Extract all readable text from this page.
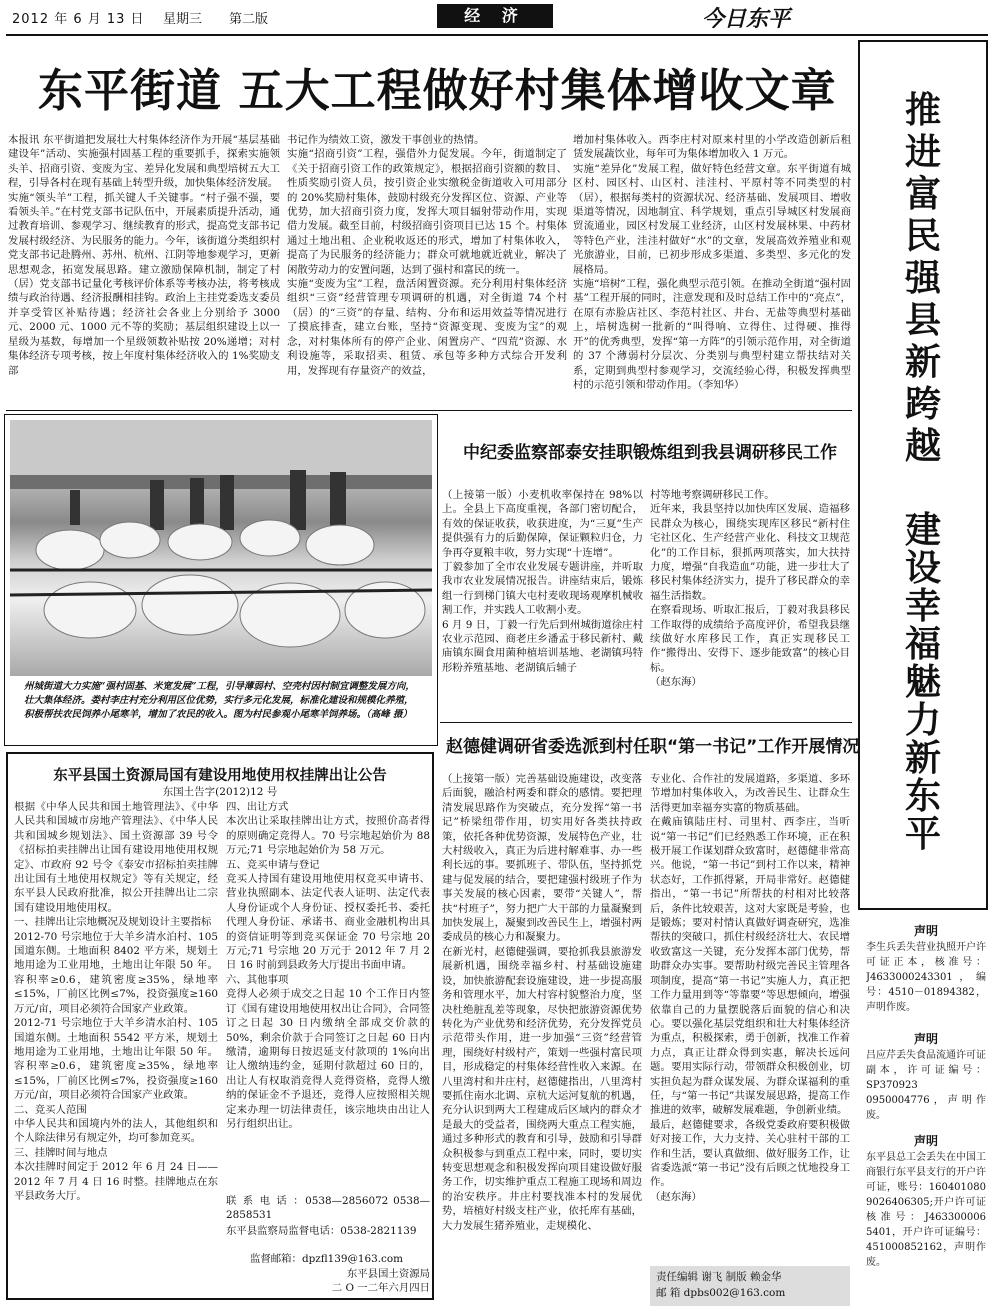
2012 年 6 月 13 日 星期三 第二版	经 济	今日东平
东平街道 五大工程做好村集体增收文章
本报讯 东平街道把发展壮大村集体经济作为开展“基层基础建设年”活动、实施强村固基工程的重要抓手，探索实施领头羊、招商引资、变废为宝、差异化发展和典型培树五大工程，引导各村在现有基础上转型升级，加快集体经济发展。
实施“领头羊”工程，抓关键人千关键事。“村子强不强，要看领头羊。”在村党支部书记队伍中，开展素质提升活动，通过教育培训、参观学习、继续教育的形式，提高党支部书记发展村级经济、为民服务的能力。今年，该街道分类组织村党支部书记赴腾州、苏州、杭州、江阴等地参观学习，更新思想观念，拓宽发展思路。建立激励保障机制，制定了村（居）党支部书记量化考核评价体系等考核办法，将考核成绩与政治待遇、经济报酬相挂钩。政治上主挂党委选支委员并享受管区补贴待遇；经济社会各业上分别给予 3000 元、2000 元、1000 元不等的奖励；基层组织建设上以一星级为基数，每增加一个星级领数补贴按 20%递增；对村集体经济专项考核，按上年度村集体经济收入的 1%奖励支部
书记作为绩效工资，激发干事创业的热情。
实施“招商引资”工程，强借外力促发展。今年，街道制定了《关于招商引资工作的政策规定》，根据招商引资额的数目、性质奖励引资人员，按引资企业实缴税金街道收入可用部分的 20%奖励村集体，鼓励村级充分发挥区位、资源、产业等优势，加大招商引资力度，发挥大项目辐射带动作用，实现借力发展。截至目前，村级招商引资项目已达 15 个。村集体通过土地出租、企业税收返还的形式，增加了村集体收入，提高了为民服务的经济能力；群众可就地就近就业，解决了闲散劳动力的安置问题，达到了强村和富民的统一。
实施“变废为宝”工程，盘活闲置资源。充分利用村集体经济组织“三资”经营管理专项调研的机遇，对全街道 74 个村（居）的“三资”的存量、结构、分布和运用效益等情况进行了摸底排查，建立台账，坚持“资源变现、变废为宝”的观念，对村集体所有的停产企业、闲置房产、“四荒”资源、水利设施等，采取招卖、租赁、承包等多种方式综合开发利用，发挥现有存量资产的效益，
增加村集体收入。西李庄村对原来村里的小学改造创新后租赁发展蔬饮业，每年可为集体增加收入 1 万元。
实施“差异化”发展工程，做好特色经营文章。东平街道有城区村、园区村、山区村、洼洼村、平原村等不同类型的村（居），根据每类村的资源状况、经济基础、发展项目、增收渠道等情况，因地制宜、科学规划，重点引导城区村发展商贸流通业，园区村发展工业经济，山区村发展林果、中药材等特色产业，洼洼村做好“水”的文章，发展高效养殖业和观光旅游业，目前，已初步形成多渠道、多类型、多元化的发展格局。
实施“培树”工程，强化典型示范引领。在推动全街道“强村固基”工程开展的同时，注意发现和及时总结工作中的“亮点”，在原有赤脸店社区、李范村社区、井台、无盐等典型村基础上，培树选树一批新的“叫得响、立得住、过得硬、推得开”的优秀典型，发挥“第一方阵”的引领示范作用，对全街道的 37 个薄弱村分层次、分类别与典型村建立帮扶结对关系，定期到典型村参观学习，交流经验心得，积极发挥典型村的示范引领和带动作用。（李知华）
推进富民强县新跨越
建设幸福魅力新东平
州城街道大力实施“强村固基、米宽发展”工程，引导薄弱村、空壳村因村制宜调整发展方向，壮大集体经济。娄村李庄村充分利用区位优势，实行多元化发展，标准化建设和规模化养殖，积极帮扶农民饲养小尾寒羊，增加了农民的收入。图为村民参观小尾寒羊饲养场。（高峰 摄）
中纪委监察部泰安挂职锻炼组到我县调研移民工作
（上接第一版）小麦机收率保持在 98%以上。全县上下高度重视，各部门密切配合，有效的保证收获，收获进度，为“三夏”生产提供强有力的后勤保障，保证颗粒归仓，力争再夺夏粮丰收，努力实现“十连增”。
丁毅参加了全市农业发展专题讲座，并听取我市农业发展情况报告。讲座结束后，锻炼组一行到梯门镇大屯村麦收现场观摩机械收割工作，并实践人工收割小麦。
6 月 9 日，丁毅一行先后到州城街道徐庄村农业示范园、商老庄乡潘孟于移民新村、戴庙镇东圈食用菌种植培训基地、老湖镇玛特形粉养殖基地、老湖镇后辅子
村等地考察调研移民工作。
近年来，我县坚持以加快库区发展、造福移民群众为核心，围绕实现库区移民“新村住宅社区化、生产经营产业化、科技文卫规范化”的工作目标，狠抓两项落实，加大扶持力度，增强“自我造血”功能，进一步壮大了移民村集体经济实力，提升了移民群众的幸福生活指数。
在察看现场、听取汇报后，丁毅对我县移民工作取得的成绩给予高度评价，希望我县继续做好水库移民工作，真正实现移民工作“搬得出、安得下、逐步能致富”的核心目标。
（赵东海）
东平县国土资源局国有建设用地使用权挂牌出让公告
东国土告字(2012)12 号
根据《中华人民共和国土地管理法》、《中华人民共和国城市房地产管理法》、《中华人民共和国城乡规划法》、国土资源部 39 号令《招标拍卖挂牌出让国有建设用地使用权规定》、市政府 92 号令《泰安市招标拍卖挂牌出让国有土地使用权规定》等有关规定，经东平县人民政府批准，拟公开挂牌出让二宗国有建设用地使用权。
一、挂牌出让宗地概况及规划设计主要指标
2012-70 号宗地位于大羊乡清水泊村、105 国道东侧。土地面积 8402 平方米，规划土地用途为工业用地，土地出让年限 50 年。容积率≥0.6，建筑密度≥35%，绿地率≤15%，厂前区比例≤7%，投资强度≥160 万元/亩，项目必须符合国家产业政策。
2012-71 号宗地位于大羊乡清水泊村、105 国道东侧。土地面积 5542 平方米，规划土地用途为工业用地，土地出让年限 50 年。容积率≥0.6，建筑密度≥35%，绿地率≤15%，厂前区比例≤7%，投资强度≥160 万元/亩，项目必须符合国家产业政策。
二、竞买人范围
中华人民共和国境内外的法人，其他组织和个人除法律另有规定外，均可参加竞买。
三、挂牌时间与地点
本次挂牌时间定于 2012 年 6 月 24 日——2012 年 7 月 4 日 16 时整。挂牌地点在东平县政务大厅。
四、出让方式
本次出让采取挂牌出让方式，按照价高者得的原则确定竞得人。70 号宗地起始价为 88 万元;71 号宗地起始价为 58 万元。
五、竞买申请与登记
竞买人持国有建设用地使用权竞买申请书、营业执照副本、法定代表人证明、法定代表人身份证或个人身份证、授权委托书、委托代理人身份证、承诺书、商业金融机构出具的资信证明等到竞买保证金 70 号宗地 20 万元;71 号宗地 20 万元于 2012 年 7 月 2 日 16 时前到县政务大厅提出书面申请。
六、其他事项
竞得人必须于成交之日起 10 个工作日内签订《国有建设用地使用权出让合同》，合同签订之日起 30 日内缴纳全部成交价款的 50%，剩余价款于合同签订之日起 60 日内缴清，逾期每日按迟延支付款项的 1%向出让人缴纳违约金，延期付款超过 60 日的，出让人有权取消竞得人竞得资格，竞得人缴纳的保证金不予退还，竞得人应按照相关规定来办理一切法律责任，该宗地块由出让人另行组织出让。
联 系 电 话 ：0538—2856072 0538—2858531
东平县监察局监督电话：0538-2821139
监督邮箱：dpzfl139@163.com
东平县国土资源局
二 O 一二年六月四日
赵德健调研省委选派到村任职“第一书记”工作开展情况
（上接第一版）完善基础设施建设，改变落后面貌，融洽村两委和群众的感情。要把理清发展思路作为突破点，充分发挥“第一书记”桥梁纽带作用，切实用好各类扶持政策，依托各种优势资源，发展特色产业，壮大村级收入，真正为后进村解难事、办一些利长远的事。要抓班子、带队伍，坚持抓党建与促发展的结合，要把建强村级班子作为事关发展的核心因素，要带“关键人”，帮扶“村班子”，努力把广大干部的力量凝聚到加快发展上，凝聚到改善民生上，增强村两委成员的核心力和凝聚力。
在新光村，赵德健强调，要抢抓我县旅游发展新机遇，围绕幸福乡村、村基础设施建设，加快旅游配套设施建设，进一步提高服务和管理水平，加大村容村貌整治力度，坚决杜绝脏乱差等现象，尽快把旅游资源优势转化为产业优势和经济优势，充分发挥党员示范带头作用，进一步加强“三资”经营管理，围绕好村级村产，策划一些强村富民项目，形成稳定的村集体经营性收入来源。在八里湾村和井庄村，赵德健指出，八里湾村要抓住南水北调、京杭大运河复航的机遇，充分认识到两大工程建成后区域内的群众才是最大的受益者，围绕两大重点工程实施，通过多种形式的教育和引导，鼓励和引导群众积极参与到重点工程中来，同时，要切实转变思想观念和积极发挥向项目建设做好服务工作，切实维护重点工程施工现场和周边的治安秩序。井庄村要找准本村的发展优势，培植好村级支柱产业，依托库有基础，大力发展生猪养殖业，走规模化、
专业化、合作社的发展道路，多渠道、多环节增加村集体收入，为改善民生、让群众生活得更加幸福夯实富的物质基础。
在戴庙镇陆庄村、司里村、西李庄，当听说“第一书记”们已经熟悉工作环境，正在积极开展工作谋划群众致富时，赵德健非常高兴。他说，“第一书记”到村工作以来，精神状态好，工作抓得紧，开局非常好。赵德健指出，“第一书记”所帮扶的村相对比较落后，条件比较艰苦，这对大家既是考验，也是锻炼；要对村情认真做好调查研究，选准帮扶的突破口，抓住村级经济壮大、农民增收致富这一关键，充分发挥本部门优势，帮助群众办实事。要帮助村级完善民主管理各项制度，提高“第一书记”实施人力，真正把工作力量用到等“等靠要”等思想倾向，增强依靠自己的力量摆脱落后面貌的信心和决心。要以强化基层党组织和壮大村集体经济为重点，积极探索，勇于创新，找准工作着力点，真正让群众得到实惠，解决长远问题。要用实际行动，带领群众积极创业，切实担负起为群众谋发展、为群众谋福利的重任，与“第一书记”共谋发展思路，提高工作推进的效率，破解发展难题，争创新业绩。
最后，赵德健要求，各级党委政府要积极做好对接工作，大力支持、关心驻村干部的工作和生活，要认真做细、做好服务工作，让省委选派“第一书记”没有后顾之忧地投身工作。
（赵东海）
责任编辑 谢飞 制版 赖金华
邮 箱 dpbs002@163.com
声明
李生兵丢失营业执照开户许可证正本，核准号：J4633000243301，编号：4510－01894382，声明作废。
声明
吕应芹丢失食品流通许可证副本，许可证编号：SP370923 0950004776，声明作废。
声明
东平县总工会丢失在中国工商银行东平县支行的开户许可证，账号：160401080 9026406305;开户许可证核准号：J463300006 5401，开户许可证编号：451000852162，声明作废。
